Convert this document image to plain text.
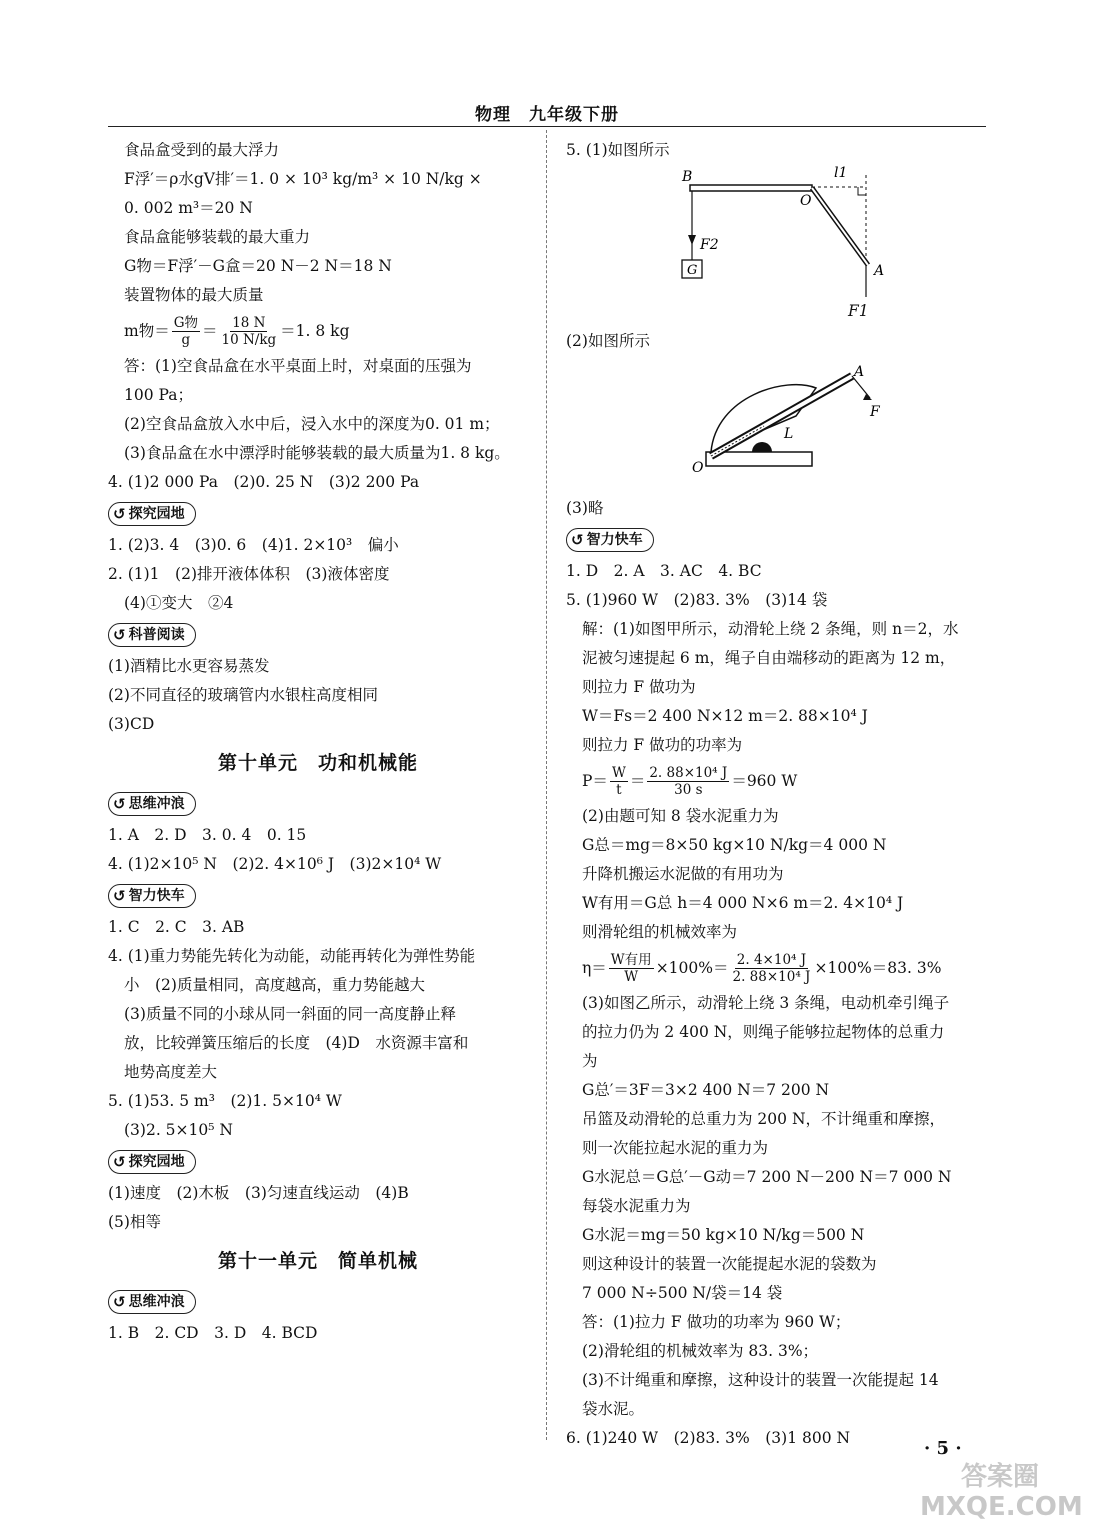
物理　九年级下册
食品盒受到的最大浮力
F浮′＝ρ水gV排′＝1. 0 × 10³ kg/m³ × 10 N/kg ×
0. 002 m³＝20 N
食品盒能够装载的最大重力
G物＝F浮′－G盒＝20 N－2 N＝18 N
装置物体的最大质量
m物＝ $\frac{\text{G物}}{g} = \frac{18 N}{10 N/kg} =1$. 8 kg
答：(1)空食品盒在水平桌面上时，对桌面的压强为
100 Pa；
(2)空食品盒放入水中后，浸入水中的深度为0. 01 m；
(3)食品盒在水中漂浮时能够装载的最大质量为1. 8 kg。
4. (1)2 000 Pa　(2)0. 25 N　(3)2 200 Pa
↺ 探究园地
1. (2)3. 4　(3)0. 6　(4)1. 2×10³　偏小
2. (1)1　(2)排开液体体积　(3)液体密度
(4)①变大　②4
↺ 科普阅读
(1)酒精比水更容易蒸发
(2)不同直径的玻璃管内水银柱高度相同
(3)CD
第十单元　功和机械能
↺ 思维冲浪
1. A　2. D　3. 0. 4　0. 15
4. (1)2×10⁵ N　(2)2. 4×10⁶ J　(3)2×10⁴ W
↺ 智力快车
1. C　2. C　3. AB
4. (1)重力势能先转化为动能，动能再转化为弹性势能
小　(2)质量相同，高度越高，重力势能越大
(3)质量不同的小球从同一斜面的同一高度静止释
放，比较弹簧压缩后的长度　(4)D　水资源丰富和
地势高度差大
5. (1)53. 5 m³　(2)1. 5×10⁴ W
(3)2. 5×10⁵ N
↺ 探究园地
(1)速度　(2)木板　(3)匀速直线运动　(4)B
(5)相等
第十一单元　简单机械
↺ 思维冲浪
1. B　2. CD　3. D　4. BCD
5. (1)如图所示
B
O
l1
A
F2
G
F1
(2)如图所示
A
F
L
O
(3)略
↺ 智力快车
1. D　2. A　3. AC　4. BC
5. (1)960 W　(2)83. 3%　(3)14 袋
解：(1)如图甲所示，动滑轮上绕 2 条绳，则 n＝2，水
泥被匀速提起 6 m，绳子自由端移动的距离为 12 m，
则拉力 F 做功为
W＝Fs＝2 400 N×12 m＝2. 88×10⁴ J
则拉力 F 做功的功率为
$P= \frac{W}{t} = \frac{\text{2. 88×10⁴ J}}{30 s} =960$ W
(2)由题可知 8 袋水泥重力为
G总＝mg＝8×50 kg×10 N/kg＝4 000 N
升降机搬运水泥做的有用功为
W有用＝G总 h＝4 000 N×6 m＝2. 4×10⁴ J
则滑轮组的机械效率为
$\eta= \frac{\text{W有用}}{W} \times 100\%= \frac{\text{2. 4×10⁴ J}}{\text{2. 88×10⁴ J}} \times 100\%=83$. 3%
(3)如图乙所示，动滑轮上绕 3 条绳，电动机牵引绳子
的拉力仍为 2 400 N，则绳子能够拉起物体的总重力
为
G总′＝3F＝3×2 400 N＝7 200 N
吊篮及动滑轮的总重力为 200 N，不计绳重和摩擦，
则一次能拉起水泥的重力为
G水泥总＝G总′－G动＝7 200 N－200 N＝7 000 N
每袋水泥重力为
G水泥＝mg＝50 kg×10 N/kg＝500 N
则这种设计的装置一次能提起水泥的袋数为
7 000 N÷500 N/袋＝14 袋
答：(1)拉力 F 做功的功率为 960 W；
(2)滑轮组的机械效率为 83. 3%；
(3)不计绳重和摩擦，这种设计的装置一次能提起 14
袋水泥。
6. (1)240 W　(2)83. 3%　(3)1 800 N	· 5 ·
答案圈
MXQE.COM
